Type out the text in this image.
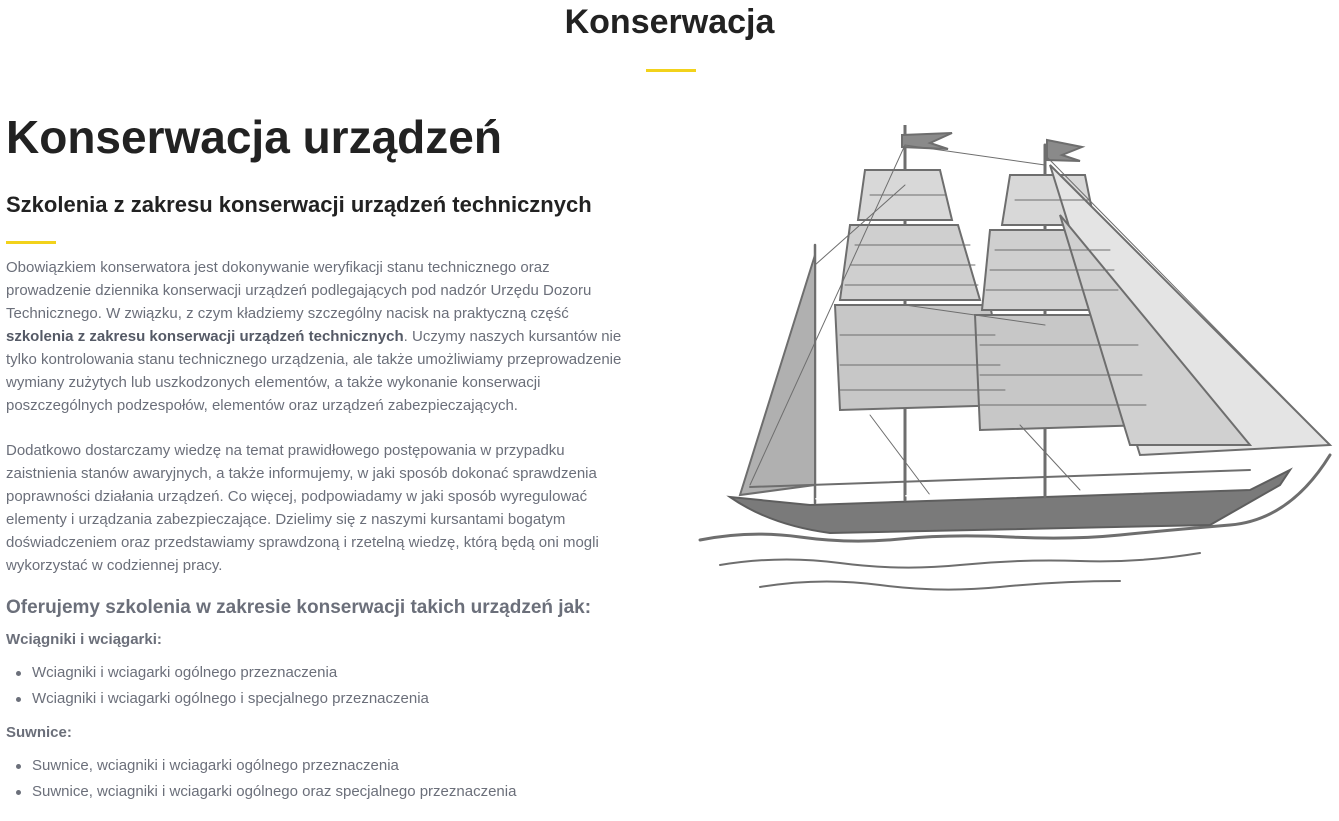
Konserwacja
Konserwacja urządzeń
Szkolenia z zakresu konserwacji urządzeń technicznych

Obowiązkiem konserwatora jest dokonywanie weryfikacji stanu technicznego oraz prowadzenie dziennika konserwacji urządzeń podlegających pod nadzór Urzędu Dozoru Technicznego. W związku, z czym kładziemy szczególny nacisk na praktyczną część szkolenia z zakresu konserwacji urządzeń technicznych. Uczymy naszych kursantów nie tylko kontrolowania stanu technicznego urządzenia, ale także umożliwiamy przeprowadzenie wymiany zużytych lub uszkodzonych elementów, a także wykonanie konserwacji poszczególnych podzespołów, elementów oraz urządzeń zabezpieczających.

Dodatkowo dostarczamy wiedzę na temat prawidłowego postępowania w przypadku zaistnienia stanów awaryjnych, a także informujemy, w jaki sposób dokonać sprawdzenia poprawności działania urządzeń. Co więcej, podpowiadamy w jaki sposób wyregulować elementy i urządzania zabezpieczające. Dzielimy się z naszymi kursantami bogatym doświadczeniem oraz przedstawiamy sprawdzoną i rzetelną wiedzę, którą będą oni mogli wykorzystać w codziennej pracy.

Oferujemy szkolenia w zakresie konserwacji takich urządzeń jak:
Wciągniki i wciągarki:
Wciagniki i wciagarki ogólnego przeznaczenia
Wciagniki i wciagarki ogólnego i specjalnego przeznaczenia
Suwnice:
Suwnice, wciagniki i wciagarki ogólnego przeznaczenia
Suwnice, wciagniki i wciagarki ogólnego oraz specjalnego przeznaczenia
